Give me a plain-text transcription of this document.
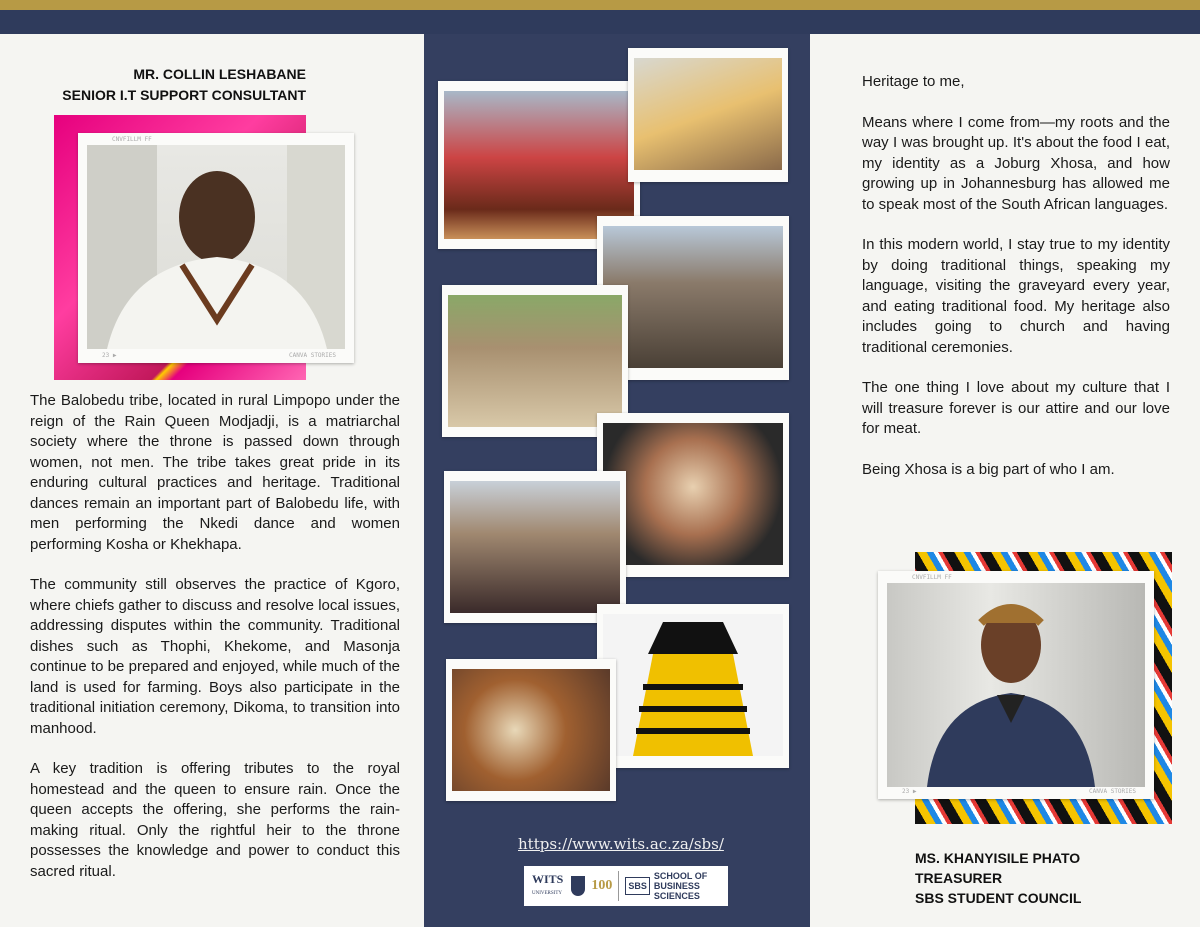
MR. COLLIN LESHABANE
SENIOR I.T SUPPORT CONSULTANT
CNVFILLM FF
23 ▶	CANVA STORIES

The Balobedu tribe, located in rural Limpopo under the reign of the Rain Queen Modjadji, is a matriarchal society where the throne is passed down through women, not men. The tribe takes great pride in its enduring cultural practices and heritage. Traditional dances remain an important part of Balobedu life, with men performing the Nkedi dance and women performing Kosha or Khekhapa.

The community still observes the practice of Kgoro, where chiefs gather to discuss and resolve local issues, addressing disputes within the community. Traditional dishes such as Thophi, Khekome, and Masonja continue to be prepared and enjoyed, while much of the land is used for farming. Boys also participate in the traditional initiation ceremony, Dikoma, to transition into manhood.

A key tradition is offering tributes to the royal homestead and the queen to ensure rain. Once the queen accepts the offering, she performs the rain-making ritual. Only the rightful heir to the throne possesses the knowledge and power to conduct this sacred ritual.

https://www.wits.ac.za/sbs/
WITS
UNIVERSITY 100	SBS
SCHOOL OF
BUSINESS
SCIENCES

Heritage to me,

Means where I come from—my roots and the way I was brought up. It's about the food I eat, my identity as a Joburg Xhosa, and how growing up in Johannesburg has allowed me to speak most of the South African languages.

In this modern world, I stay true to my identity by doing traditional things, speaking my language, visiting the graveyard every year, and eating traditional food. My heritage also includes going to church and having traditional ceremonies.

The one thing I love about my culture that I will treasure forever is our attire and our love for meat.

Being Xhosa is a big part of who I am.

CNVFILLM FF
23 ▶	CANVA STORIES
MS. KHANYISILE PHATO
TREASURER
SBS STUDENT COUNCIL
